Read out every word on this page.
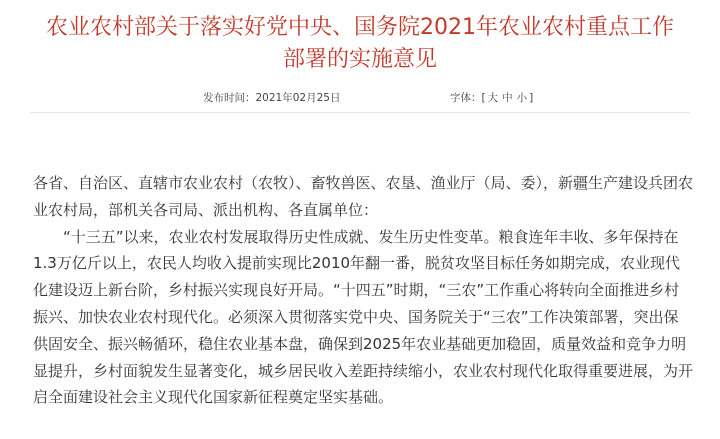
农业农村部关于落实好党中央、国务院2021年农业农村重点工作
部署的实施意见
发布时间：2021年02月25日	字体：[ 大 中 小 ]

各省、自治区、直辖市农业农村（农牧）、畜牧兽医、农垦、渔业厅（局、委），新疆生产建设兵团农业农村局，部机关各司局、派出机构、各直属单位：

“十三五”以来，农业农村发展取得历史性成就、发生历史性变革。粮食连年丰收、多年保持在1.3万亿斤以上，农民人均收入提前实现比2010年翻一番，脱贫攻坚目标任务如期完成，农业现代化建设迈上新台阶，乡村振兴实现良好开局。“十四五”时期，“三农”工作重心将转向全面推进乡村振兴、加快农业农村现代化。必须深入贯彻落实党中央、国务院关于“三农”工作决策部署，突出保供固安全、振兴畅循环，稳住农业基本盘，确保到2025年农业基础更加稳固，质量效益和竞争力明显提升，乡村面貌发生显著变化，城乡居民收入差距持续缩小，农业农村现代化取得重要进展，为开启全面建设社会主义现代化国家新征程奠定坚实基础。
